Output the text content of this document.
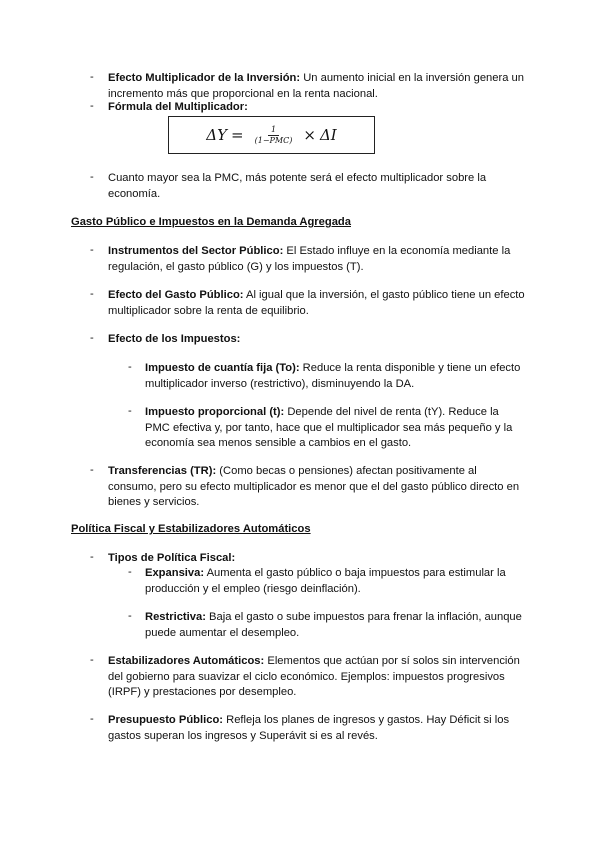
- Efecto Multiplicador de la Inversión: Un aumento inicial en la inversión genera un incremento más que proporcional en la renta nacional.
- Fórmula del Multiplicador:
$\Delta Y = \frac{1}{\text{(1−PMC)}} \times \Delta I$
- Cuanto mayor sea la PMC, más potente será el efecto multiplicador sobre la economía.
Gasto Público e Impuestos en la Demanda Agregada
- Instrumentos del Sector Público: El Estado influye en la economía mediante la regulación, el gasto público (G) y los impuestos (T).
- Efecto del Gasto Público: Al igual que la inversión, el gasto público tiene un efecto multiplicador sobre la renta de equilibrio.
- Efecto de los Impuestos:
- Impuesto de cuantía fija (To): Reduce la renta disponible y tiene un efecto multiplicador inverso (restrictivo), disminuyendo la DA.
- Impuesto proporcional (t): Depende del nivel de renta (tY). Reduce la PMC efectiva y, por tanto, hace que el multiplicador sea más pequeño y la economía sea menos sensible a cambios en el gasto.
- Transferencias (TR): (Como becas o pensiones) afectan positivamente al consumo, pero su efecto multiplicador es menor que el del gasto público directo en bienes y servicios.
Política Fiscal y Estabilizadores Automáticos
- Tipos de Política Fiscal:
- Expansiva: Aumenta el gasto público o baja impuestos para estimular la producción y el empleo (riesgo deinflación).
- Restrictiva: Baja el gasto o sube impuestos para frenar la inflación, aunque puede aumentar el desempleo.
- Estabilizadores Automáticos: Elementos que actúan por sí solos sin intervención del gobierno para suavizar el ciclo económico. Ejemplos: impuestos progresivos (IRPF) y prestaciones por desempleo.
- Presupuesto Público: Refleja los planes de ingresos y gastos. Hay Déficit si los gastos superan los ingresos y Superávit si es al revés.
